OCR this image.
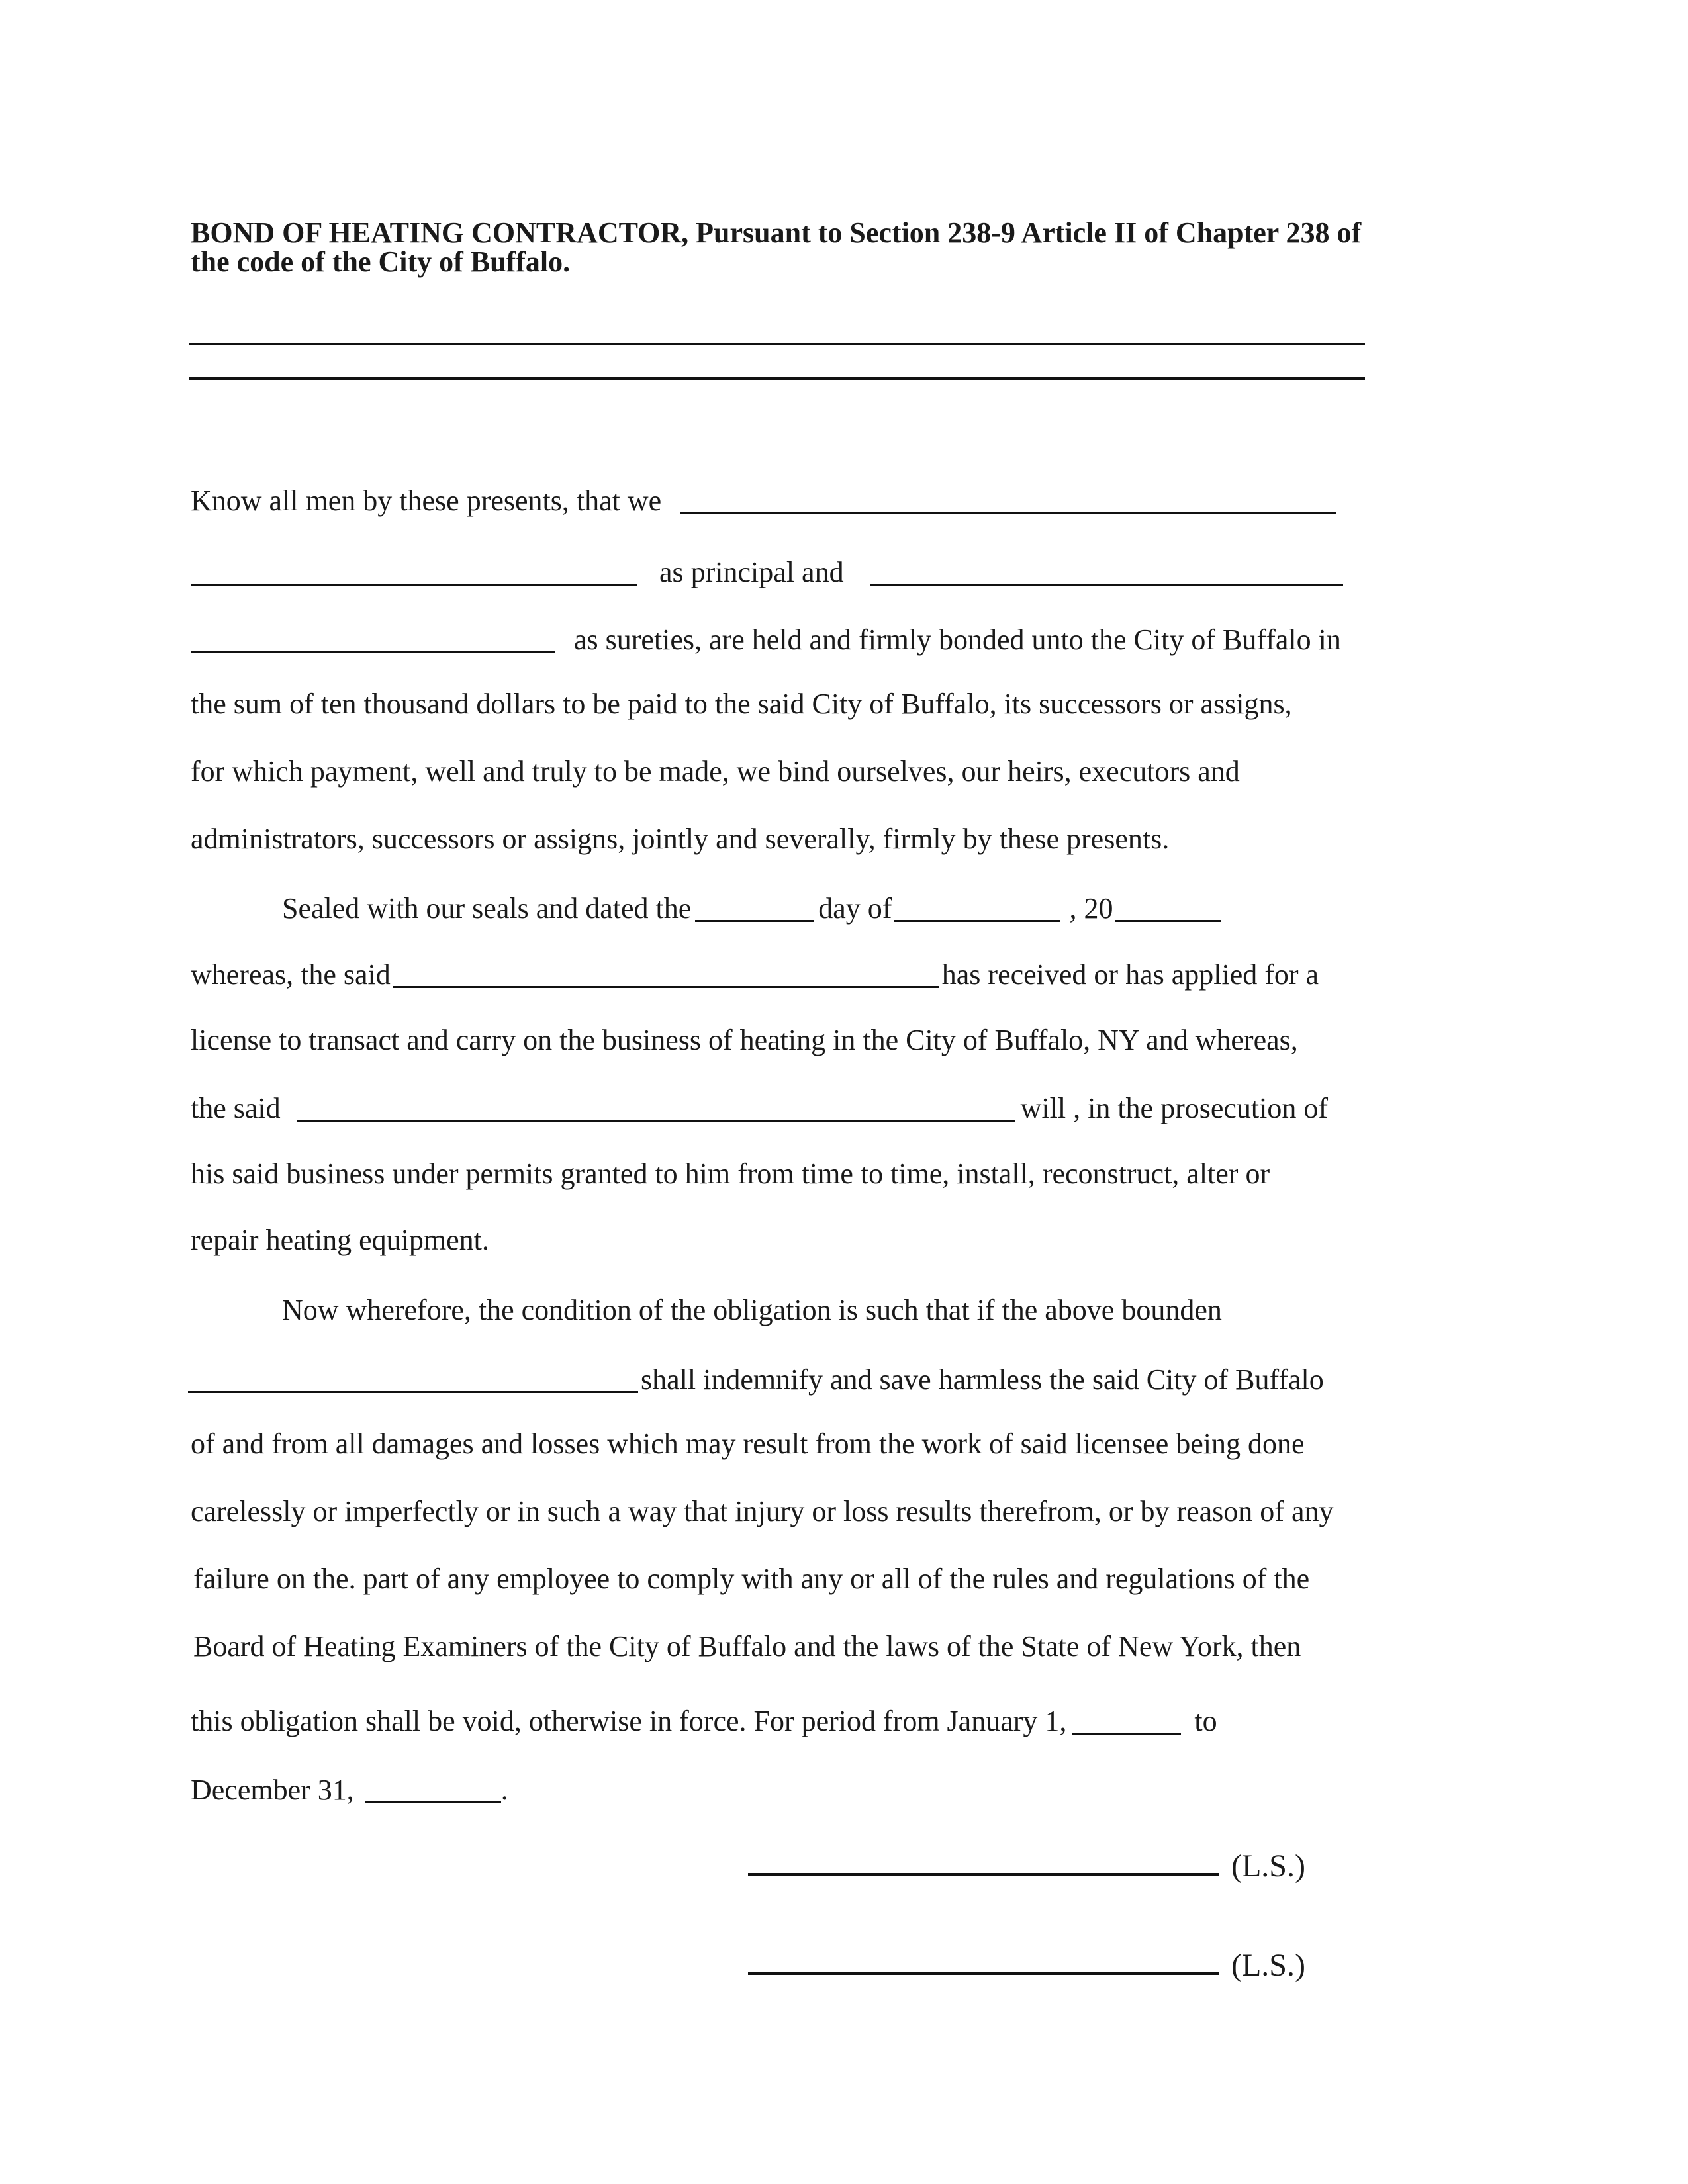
BOND OF HEATING CONTRACTOR, Pursuant to Section 238-9 Article II of Chapter 238 of
the code of the City of Buffalo.
Know all men by these presents, that we
as principal and
as sureties, are held and firmly bonded unto the City of Buffalo in
the sum of ten thousand dollars to be paid to the said City of Buffalo, its successors or assigns,
for which payment, well and truly to be made, we bind ourselves, our heirs, executors and
administrators, successors or assigns, jointly and severally, firmly by these presents.
Sealed with our seals and dated the	day of	, 20
whereas, the said	has received or has applied for a
license to transact and carry on the business of heating in the City of Buffalo, NY and whereas,
the said	will , in the prosecution of
his said business under permits granted to him from time to time, install, reconstruct, alter or
repair heating equipment.
Now wherefore, the condition of the obligation is such that if the above bounden
shall indemnify and save harmless the said City of Buffalo
of and from all damages and losses which may result from the work of said licensee being done
carelessly or imperfectly or in such a way that injury or loss results therefrom, or by reason of any
failure on the. part of any employee to comply with any or all of the rules and regulations of the
Board of Heating Examiners of the City of Buffalo and the laws of the State of New York, then
this obligation shall be void, otherwise in force. For period from January 1,	to
December 31,	.
(L.S.)
(L.S.)
